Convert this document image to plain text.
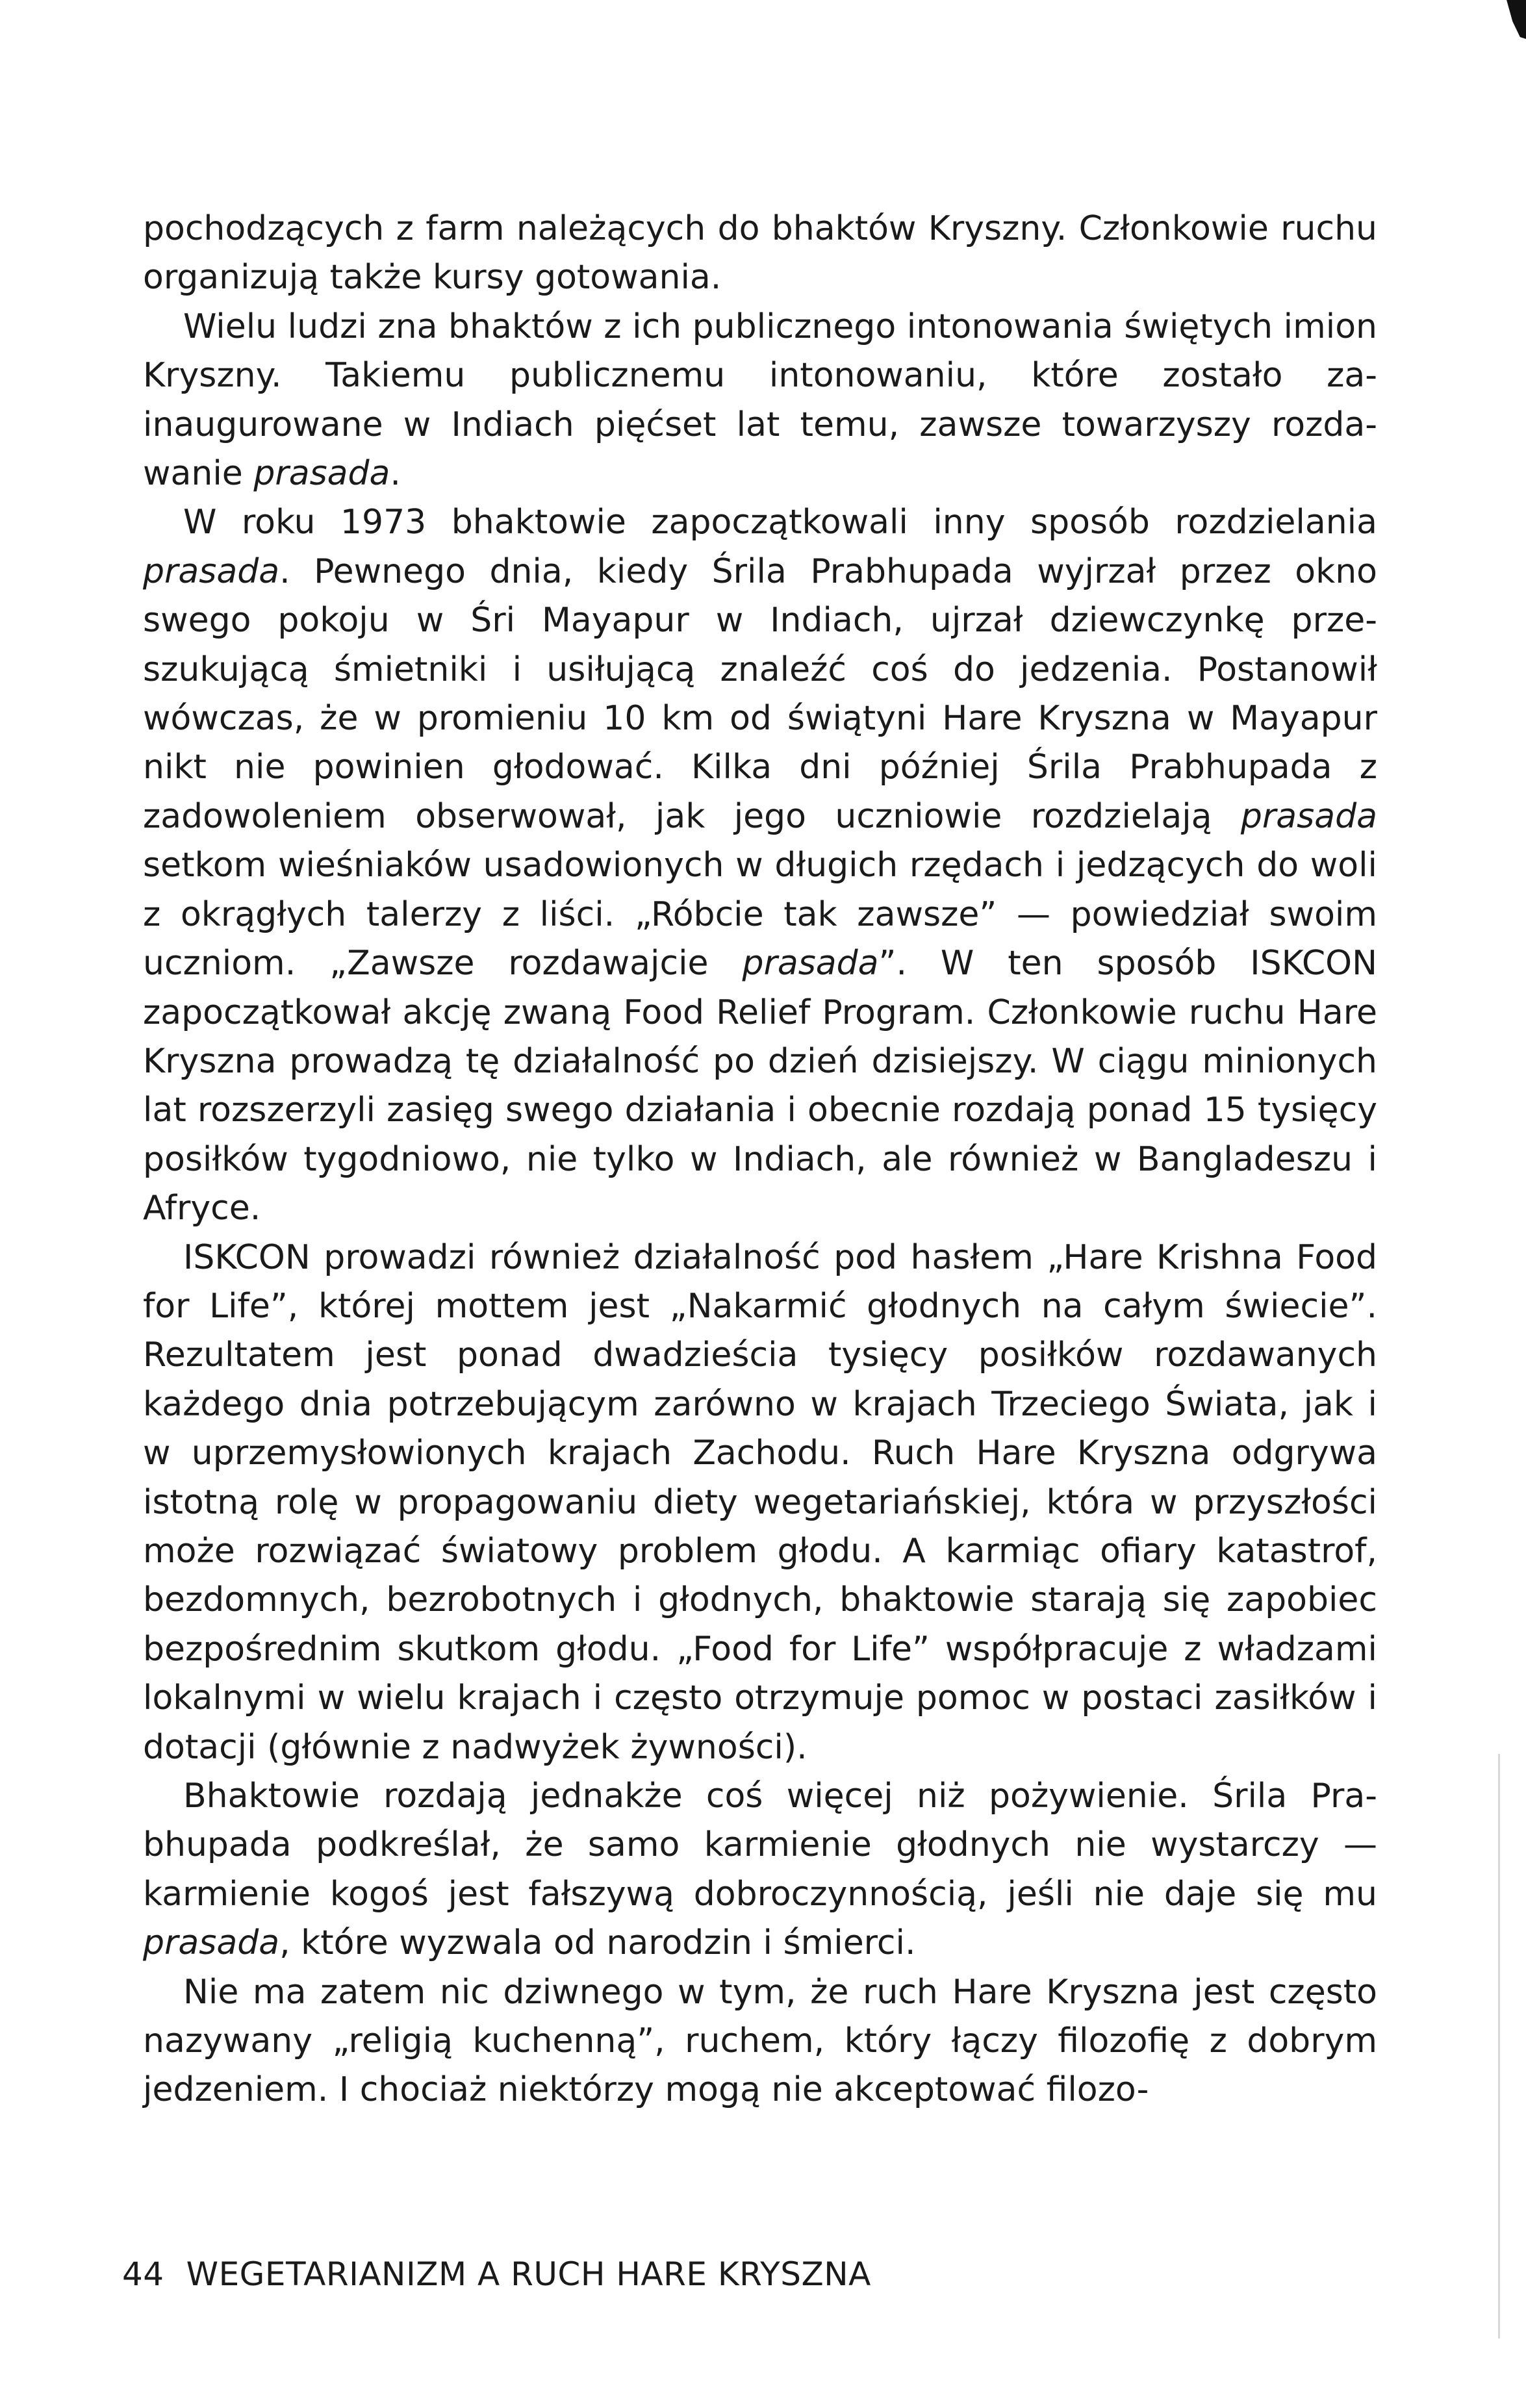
pochodzących z farm należących do bhaktów Kryszny. Członkowie ruchu organizują także kursy gotowania.

Wielu ludzi zna bhaktów z ich publicznego intonowania świętych imion Kryszny. Takiemu publicznemu intonowaniu, które zostało zainaugurowane w Indiach pięćset lat temu, zawsze towarzyszy rozdawanie prasada.

W roku 1973 bhaktowie zapoczątkowali inny sposób rozdzielania prasada. Pewnego dnia, kiedy Śrila Prabhupada wyjrzał przez okno swego pokoju w Śri Mayapur w Indiach, ujrzał dziewczynkę przeszukującą śmietniki i usiłującą znaleźć coś do jedzenia. Postanowił wówczas, że w promieniu 10 km od świątyni Hare Kryszna w Mayapur nikt nie powinien głodować. Kilka dni później Śrila Prabhupada z zadowoleniem obserwował, jak jego uczniowie rozdzielają prasada setkom wieśniaków usadowionych w długich rzędach i jedzących do woli z okrągłych talerzy z liści. „Róbcie tak zawsze” — powiedział swoim uczniom. „Zawsze rozdawajcie prasada”. W ten sposób ISKCON zapoczątkował akcję zwaną Food Relief Program. Członkowie ruchu Hare Kryszna prowadzą tę działalność po dzień dzisiejszy. W ciągu minionych lat rozszerzyli zasięg swego działania i obecnie rozdają ponad 15 tysięcy posiłków tygodniowo, nie tylko w Indiach, ale również w Bangladeszu i Afryce.

ISKCON prowadzi również działalność pod hasłem „Hare Krishna Food for Life”, której mottem jest „Nakarmić głodnych na całym świecie”. Rezultatem jest ponad dwadzieścia tysięcy posiłków rozdawanych każdego dnia potrzebującym zarówno w krajach Trzeciego Świata, jak i w uprzemysłowionych krajach Zachodu. Ruch Hare Kryszna odgrywa istotną rolę w propagowaniu diety wegetariańskiej, która w przyszłości może rozwiązać światowy problem głodu. A karmiąc ofiary katastrof, bezdomnych, bezrobotnych i głodnych, bhaktowie starają się zapobiec bezpośrednim skutkom głodu. „Food for Life” współpracuje z władzami lokalnymi w wielu krajach i często otrzymuje pomoc w postaci zasiłków i dotacji (głównie z nadwyżek żywności).

Bhaktowie rozdają jednakże coś więcej niż pożywienie. Śrila Prabhupada podkreślał, że samo karmienie głodnych nie wystarczy — karmienie kogoś jest fałszywą dobroczynnością, jeśli nie daje się mu prasada, które wyzwala od narodzin i śmierci.

Nie ma zatem nic dziwnego w tym, że ruch Hare Kryszna jest często nazywany „religią kuchenną”, ruchem, który łączy filozofię z dobrym jedzeniem. I chociaż niektórzy mogą nie akceptować filozo-

44 WEGETARIANIZM A RUCH HARE KRYSZNA
